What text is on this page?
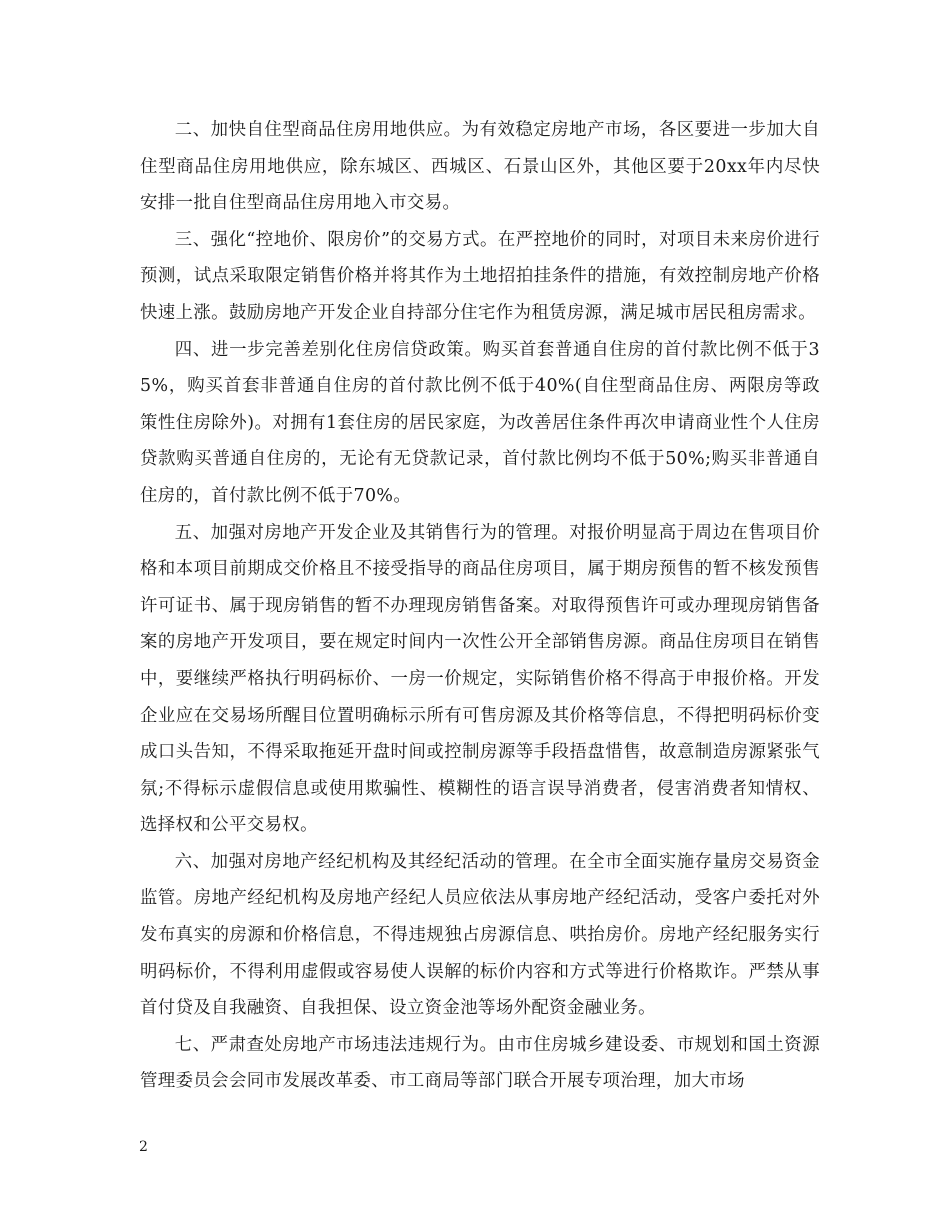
二、加快自住型商品住房用地供应。为有效稳定房地产市场，各区要进一步加大自住型商品住房用地供应，除东城区、西城区、石景山区外，其他区要于20xx年内尽快安排一批自住型商品住房用地入市交易。

三、强化“控地价、限房价”的交易方式。在严控地价的同时，对项目未来房价进行预测，试点采取限定销售价格并将其作为土地招拍挂条件的措施，有效控制房地产价格快速上涨。鼓励房地产开发企业自持部分住宅作为租赁房源，满足城市居民租房需求。

四、进一步完善差别化住房信贷政策。购买首套普通自住房的首付款比例不低于35%，购买首套非普通自住房的首付款比例不低于40%(自住型商品住房、两限房等政策性住房除外)。对拥有1套住房的居民家庭，为改善居住条件再次申请商业性个人住房贷款购买普通自住房的，无论有无贷款记录，首付款比例均不低于50%;购买非普通自住房的，首付款比例不低于70%。

五、加强对房地产开发企业及其销售行为的管理。对报价明显高于周边在售项目价格和本项目前期成交价格且不接受指导的商品住房项目，属于期房预售的暂不核发预售许可证书、属于现房销售的暂不办理现房销售备案。对取得预售许可或办理现房销售备案的房地产开发项目，要在规定时间内一次性公开全部销售房源。商品住房项目在销售中，要继续严格执行明码标价、一房一价规定，实际销售价格不得高于申报价格。开发企业应在交易场所醒目位置明确标示所有可售房源及其价格等信息，不得把明码标价变成口头告知，不得采取拖延开盘时间或控制房源等手段捂盘惜售，故意制造房源紧张气氛;不得标示虚假信息或使用欺骗性、模糊性的语言误导消费者，侵害消费者知情权、选择权和公平交易权。

六、加强对房地产经纪机构及其经纪活动的管理。在全市全面实施存量房交易资金监管。房地产经纪机构及房地产经纪人员应依法从事房地产经纪活动，受客户委托对外发布真实的房源和价格信息，不得违规独占房源信息、哄抬房价。房地产经纪服务实行明码标价，不得利用虚假或容易使人误解的标价内容和方式等进行价格欺诈。严禁从事首付贷及自我融资、自我担保、设立资金池等场外配资金融业务。

七、严肃查处房地产市场违法违规行为。由市住房城乡建设委、市规划和国土资源管理委员会会同市发展改革委、市工商局等部门联合开展专项治理，加大市场

2
